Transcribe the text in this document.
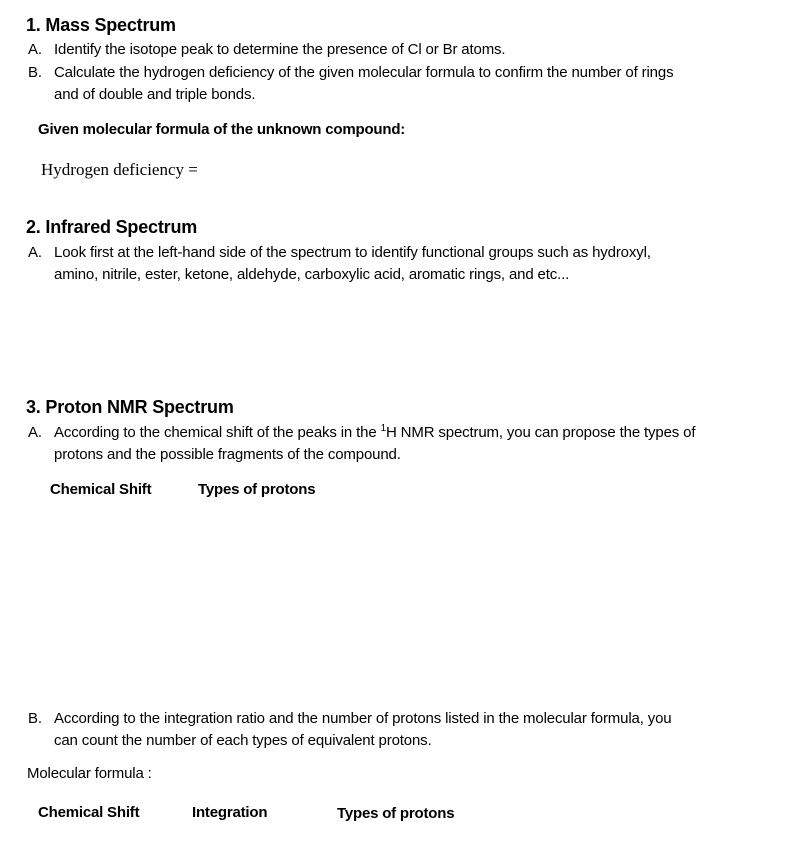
1. Mass Spectrum
A. Identify the isotope peak to determine the presence of Cl or Br atoms.
B. Calculate the hydrogen deficiency of the given molecular formula to confirm the number of rings
and of double and triple bonds.
Given molecular formula of the unknown compound:
Hydrogen deficiency =
2. Infrared Spectrum
A. Look first at the left-hand side of the spectrum to identify functional groups such as hydroxyl,
amino, nitrile, ester, ketone, aldehyde, carboxylic acid, aromatic rings, and etc...
3. Proton NMR Spectrum
A. According to the chemical shift of the peaks in the $^1$H NMR spectrum, you can propose the types of
protons and the possible fragments of the compound.
Chemical Shift	Types of protons
B. According to the integration ratio and the number of protons listed in the molecular formula, you
can count the number of each types of equivalent protons.
Molecular formula :
Chemical Shift	Integration	Types of protons
